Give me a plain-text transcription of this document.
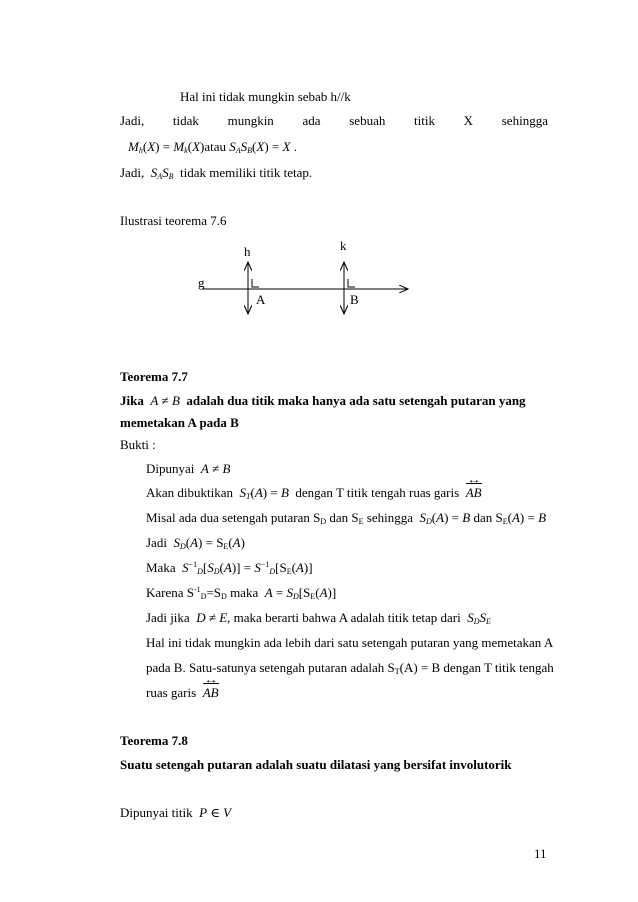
Hal ini tidak mungkin sebab h//k
Jadi, tidak mungkin ada sebuah titik X sehingga
$M_h(X)$ = $M_k(X)atau$ $S_AS_B(X) = X$ .
Jadi,  $S_AS_B$ tidak memiliki titik tetap.
Ilustrasi teorema 7.6
h	k
g
A	B
Teorema 7.7
Jika A ≠ B adalah dua titik maka hanya ada satu setengah putaran yang
memetakan A pada B
Bukti :
Dipunyai A ≠ B
Akan dibuktikan $S_T(A) = B$ dengan T titik tengah ruas garis AB ↔
Misal ada dua setengah putaran $S_D$ dan $S_E$ sehingga $S_D(A) = B$ dan $S_E(A) = B$
Jadi $S_D(A) = S_E(A)$
Maka $S^{-1}_D[S_D(A)] = S^{-1}_D[S_E(A)]$
Karena $S^{-1}_D=S_D$ maka $A = S_D[S_E(A)]$
Jadi jika D ≠ E, maka berarti bahwa A adalah titik tetap dari $S_DS_E$
Hal ini tidak mungkin ada lebih dari satu setengah putaran yang memetakan A
pada B. Satu-satunya setengah putaran adalah $S_T(A) = B$ dengan T titik tengah
ruas garis AB ↔
Teorema 7.8
Suatu setengah putaran adalah suatu dilatasi yang bersifat involutorik
Dipunyai titik P ∈ V
11
